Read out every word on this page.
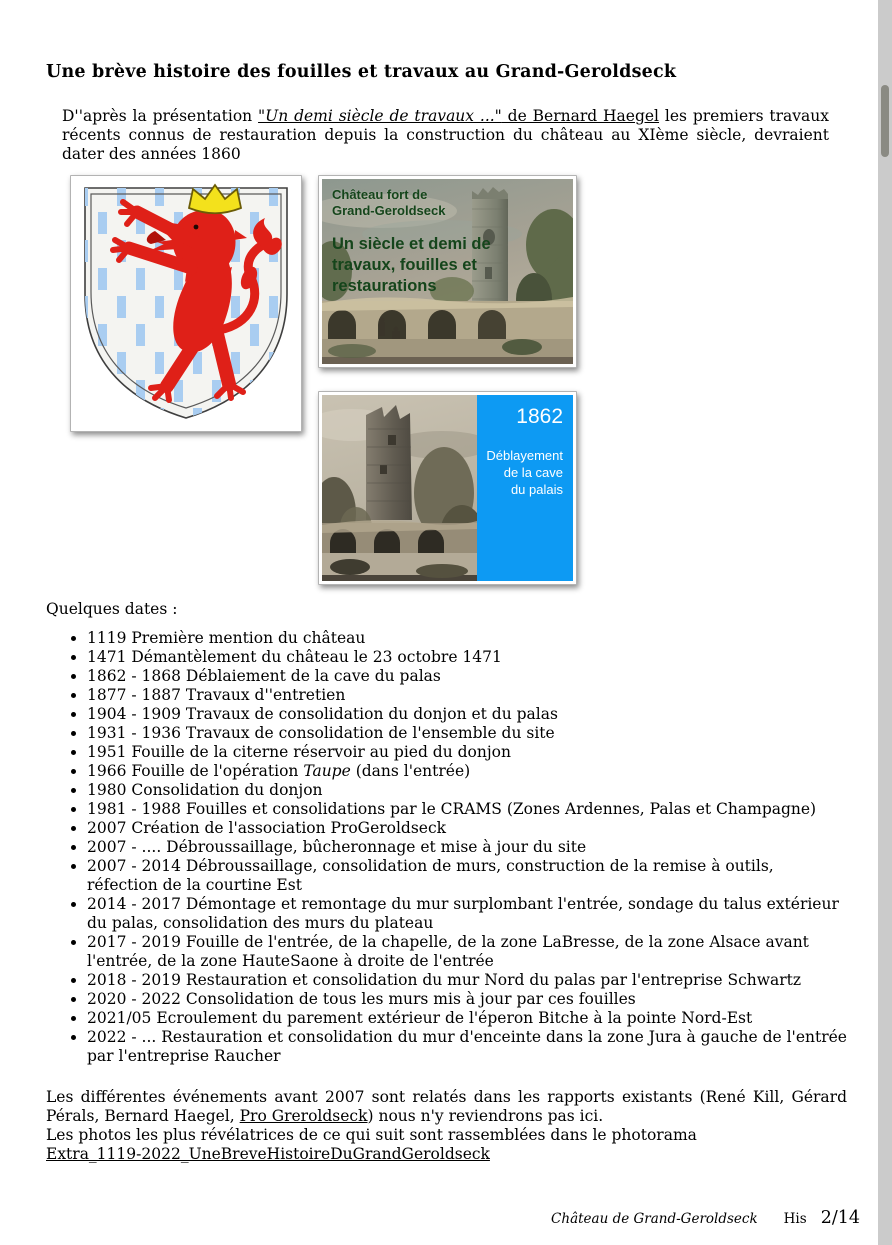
Une brève histoire des fouilles et travaux au Grand-Geroldseck

D''après la présentation "Un demi siècle de travaux ..." de Bernard Haegel les premiers travaux récents connus de restauration depuis la construction du château au XIème siècle, devraient dater des années 1860

Château fort de
Grand-Geroldseck
Un siècle et demi de
travaux, fouilles et
restaurations
1862
Déblayement
de la cave
du palais

Quelques dates :

• 1119 Première mention du château
• 1471 Démantèlement du château le 23 octobre 1471
• 1862 - 1868 Déblaiement de la cave du palas
• 1877 - 1887 Travaux d''entretien
• 1904 - 1909 Travaux de consolidation du donjon et du palas
• 1931 - 1936 Travaux de consolidation de l'ensemble du site
• 1951 Fouille de la citerne réservoir au pied du donjon
• 1966 Fouille de l'opération Taupe (dans l'entrée)
• 1980 Consolidation du donjon
• 1981 - 1988 Fouilles et consolidations par le CRAMS (Zones Ardennes, Palas et Champagne)
• 2007 Création de l'association ProGeroldseck
• 2007 - .... Débroussaillage, bûcheronnage et mise à jour du site
• 2007 - 2014 Débroussaillage, consolidation de murs, construction de la remise à outils, réfection de la courtine Est
• 2014 - 2017 Démontage et remontage du mur surplombant l'entrée, sondage du talus extérieur du palas, consolidation des murs du plateau
• 2017 - 2019 Fouille de l'entrée, de la chapelle, de la zone LaBresse, de la zone Alsace avant l'entrée, de la zone HauteSaone à droite de l'entrée
• 2018 - 2019 Restauration et consolidation du mur Nord du palas par l'entreprise Schwartz
• 2020 - 2022 Consolidation de tous les murs mis à jour par ces fouilles
• 2021/05 Ecroulement du parement extérieur de l'éperon Bitche à la pointe Nord-Est
• 2022 - ... Restauration et consolidation du mur d'enceinte dans la zone Jura à gauche de l'entrée par l'entreprise Raucher

Les différentes événements avant 2007 sont relatés dans les rapports existants (René Kill, Gérard Pérals, Bernard Haegel, Pro Greroldseck) nous n'y reviendrons pas ici.

Les photos les plus révélatrices de ce qui suit sont rassemblées dans le photorama

Extra_1119-2022_UneBreveHistoireDuGrandGeroldseck

Château de Grand-Geroldseck His 2/14
